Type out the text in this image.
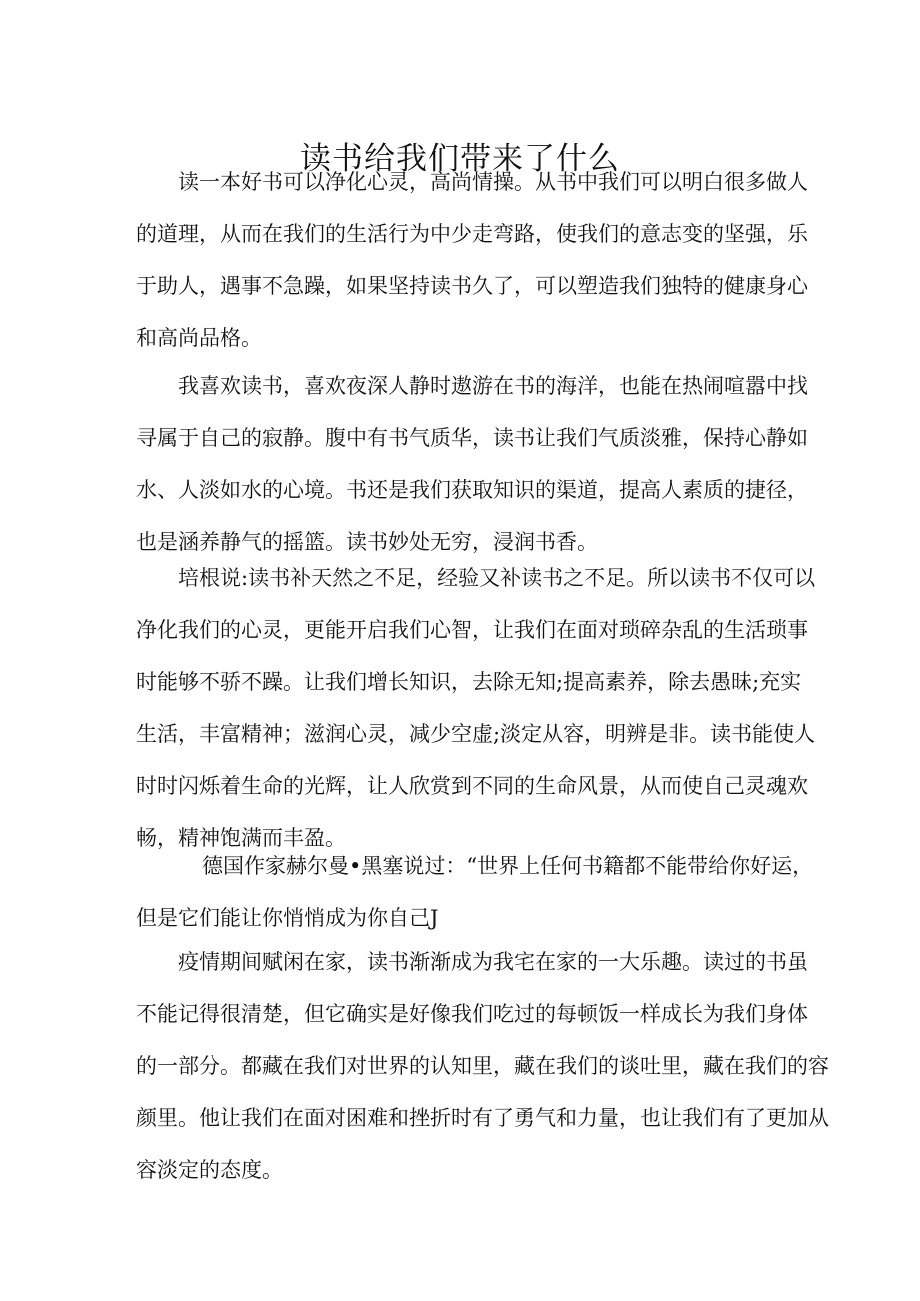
读书给我们带来了什么
读一本好书可以净化心灵，高尚情操。从书中我们可以明白很多做人
的道理，从而在我们的生活行为中少走弯路，使我们的意志变的坚强，乐
于助人，遇事不急躁，如果坚持读书久了，可以塑造我们独特的健康身心
和高尚品格。
我喜欢读书，喜欢夜深人静时遨游在书的海洋，也能在热闹喧嚣中找
寻属于自己的寂静。腹中有书气质华，读书让我们气质淡雅，保持心静如
水、人淡如水的心境。书还是我们获取知识的渠道，提高人素质的捷径，
也是涵养静气的摇篮。读书妙处无穷，浸润书香。
培根说:读书补天然之不足，经验又补读书之不足。所以读书不仅可以
净化我们的心灵，更能开启我们心智，让我们在面对琐碎杂乱的生活琐事
时能够不骄不躁。让我们增长知识，去除无知;提高素养，除去愚昧;充实
生活，丰富精神；滋润心灵，减少空虚;淡定从容，明辨是非。读书能使人
时时闪烁着生命的光辉，让人欣赏到不同的生命风景，从而使自己灵魂欢
畅，精神饱满而丰盈。
德国作家赫尔曼•黑塞说过：“世界上任何书籍都不能带给你好运，
但是它们能让你悄悄成为你自己J
疫情期间赋闲在家，读书渐渐成为我宅在家的一大乐趣。读过的书虽
不能记得很清楚，但它确实是好像我们吃过的每顿饭一样成长为我们身体
的一部分。都藏在我们对世界的认知里，藏在我们的谈吐里，藏在我们的容
颜里。他让我们在面对困难和挫折时有了勇气和力量，也让我们有了更加从
容淡定的态度。
